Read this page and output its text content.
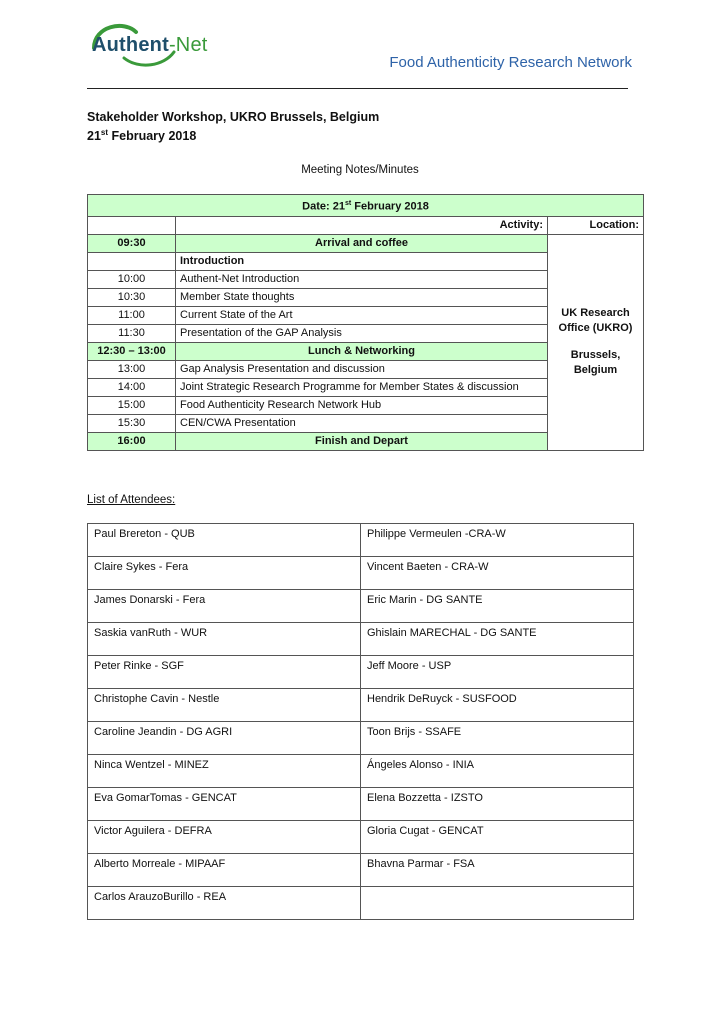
Authent-Net
Food Authenticity Research Network
Stakeholder Workshop, UKRO Brussels, Belgium
21st February 2018
Meeting Notes/Minutes
Date: 21st February 2018		
	Activity:	Location:
09:30	Arrival and coffee	UK Research
Office (UKRO)
Brussels,
Belgium

	Introduction	
10:00	Authent-Net Introduction	
10:30	Member State thoughts	
11:00	Current State of the Art	
11:30	Presentation of the GAP Analysis	
12:30 – 13:00	Lunch & Networking	
13:00	Gap Analysis Presentation and discussion	
14:00	Joint Strategic Research Programme for Member States & discussion	
15:00	Food Authenticity Research Network Hub	
15:30	CEN/CWA Presentation	
16:00	Finish and Depart	
List of Attendees:
Paul Brereton - QUB	Philippe Vermeulen -CRA-W
Claire Sykes - Fera	Vincent Baeten - CRA-W
James Donarski - Fera	Eric Marin - DG SANTE
Saskia vanRuth - WUR	Ghislain MARECHAL - DG SANTE
Peter Rinke - SGF	Jeff Moore - USP
Christophe Cavin - Nestle	Hendrik DeRuyck - SUSFOOD
Caroline Jeandin - DG AGRI	Toon Brijs - SSAFE
Ninca Wentzel - MINEZ	Ángeles Alonso - INIA
Eva GomarTomas - GENCAT	Elena Bozzetta - IZSTO
Victor Aguilera - DEFRA	Gloria Cugat - GENCAT
Alberto Morreale - MIPAAF	Bhavna Parmar - FSA
Carlos ArauzoBurillo - REA	
